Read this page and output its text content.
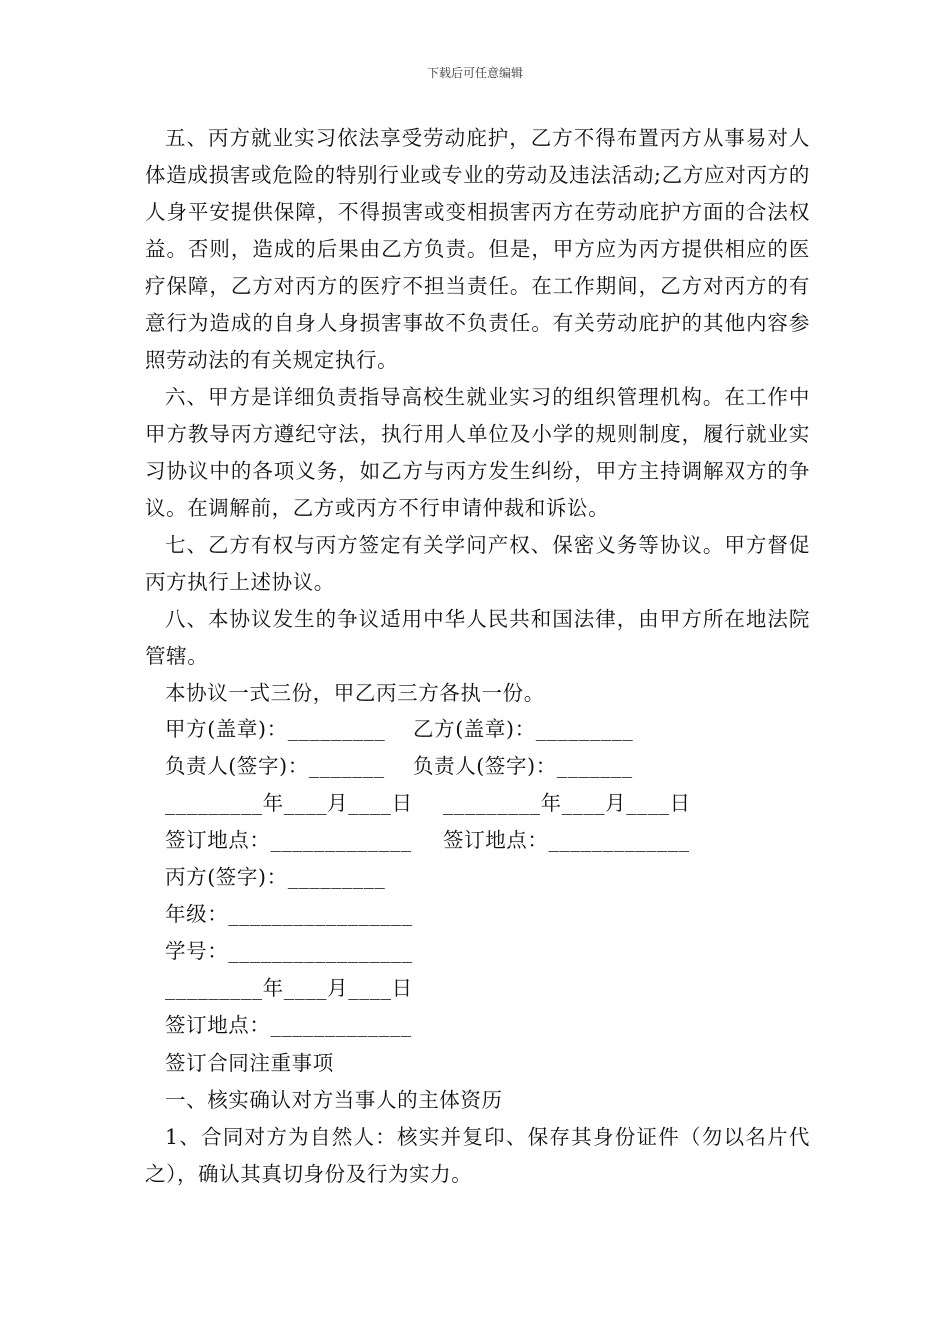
下载后可任意编辑
五、丙方就业实习依法享受劳动庇护，乙方不得布置丙方从事易对人体造成损害或危险的特别行业或专业的劳动及违法活动;乙方应对丙方的人身平安提供保障，不得损害或变相损害丙方在劳动庇护方面的合法权益。否则，造成的后果由乙方负责。但是，甲方应为丙方提供相应的医疗保障，乙方对丙方的医疗不担当责任。在工作期间，乙方对丙方的有意行为造成的自身人身损害事故不负责任。有关劳动庇护的其他内容参照劳动法的有关规定执行。
六、甲方是详细负责指导高校生就业实习的组织管理机构。在工作中甲方教导丙方遵纪守法，执行用人单位及小学的规则制度，履行就业实习协议中的各项义务，如乙方与丙方发生纠纷，甲方主持调解双方的争议。在调解前，乙方或丙方不行申请仲裁和诉讼。
七、乙方有权与丙方签定有关学问产权、保密义务等协议。甲方督促丙方执行上述协议。
八、本协议发生的争议适用中华人民共和国法律，由甲方所在地法院管辖。
本协议一式三份，甲乙丙三方各执一份。
甲方(盖章)：_________ 乙方(盖章)：_________
负责人(签字)：_______ 负责人(签字)：_______
_________年____月____日 _________年____月____日
签订地点：_____________ 签订地点：_____________
丙方(签字)：_________
年级：_________________
学号：_________________
_________年____月____日
签订地点：_____________
签订合同注重事项
一、核实确认对方当事人的主体资历
1、合同对方为自然人：核实并复印、保存其身份证件（勿以名片代之），确认其真切身份及行为实力。
